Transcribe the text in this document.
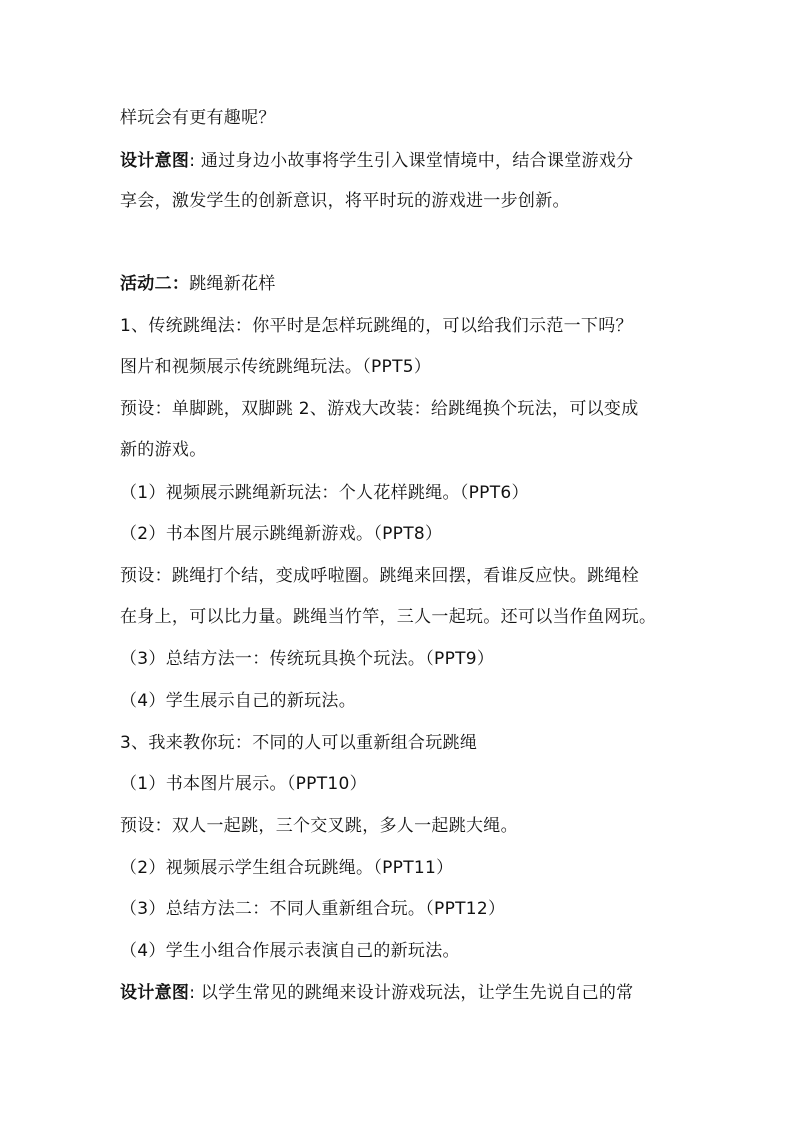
样玩会有更有趣呢？
设计意图: 通过身边小故事将学生引入课堂情境中，结合课堂游戏分
享会，激发学生的创新意识，将平时玩的游戏进一步创新。
活动二：跳绳新花样
1、传统跳绳法：你平时是怎样玩跳绳的，可以给我们示范一下吗？
图片和视频展示传统跳绳玩法。（PPT5）
预设：单脚跳，双脚跳 2、游戏大改装：给跳绳换个玩法，可以变成
新的游戏。
（1）视频展示跳绳新玩法：个人花样跳绳。（PPT6）
（2）书本图片展示跳绳新游戏。（PPT8）
预设：跳绳打个结，变成呼啦圈。跳绳来回摆，看谁反应快。跳绳栓
在身上，可以比力量。跳绳当竹竿，三人一起玩。还可以当作鱼网玩。
（3）总结方法一：传统玩具换个玩法。（PPT9）
（4）学生展示自己的新玩法。
3、我来教你玩：不同的人可以重新组合玩跳绳
（1）书本图片展示。（PPT10）
预设：双人一起跳，三个交叉跳，多人一起跳大绳。
（2）视频展示学生组合玩跳绳。（PPT11）
（3）总结方法二：不同人重新组合玩。（PPT12）
（4）学生小组合作展示表演自己的新玩法。
设计意图: 以学生常见的跳绳来设计游戏玩法，让学生先说自己的常
